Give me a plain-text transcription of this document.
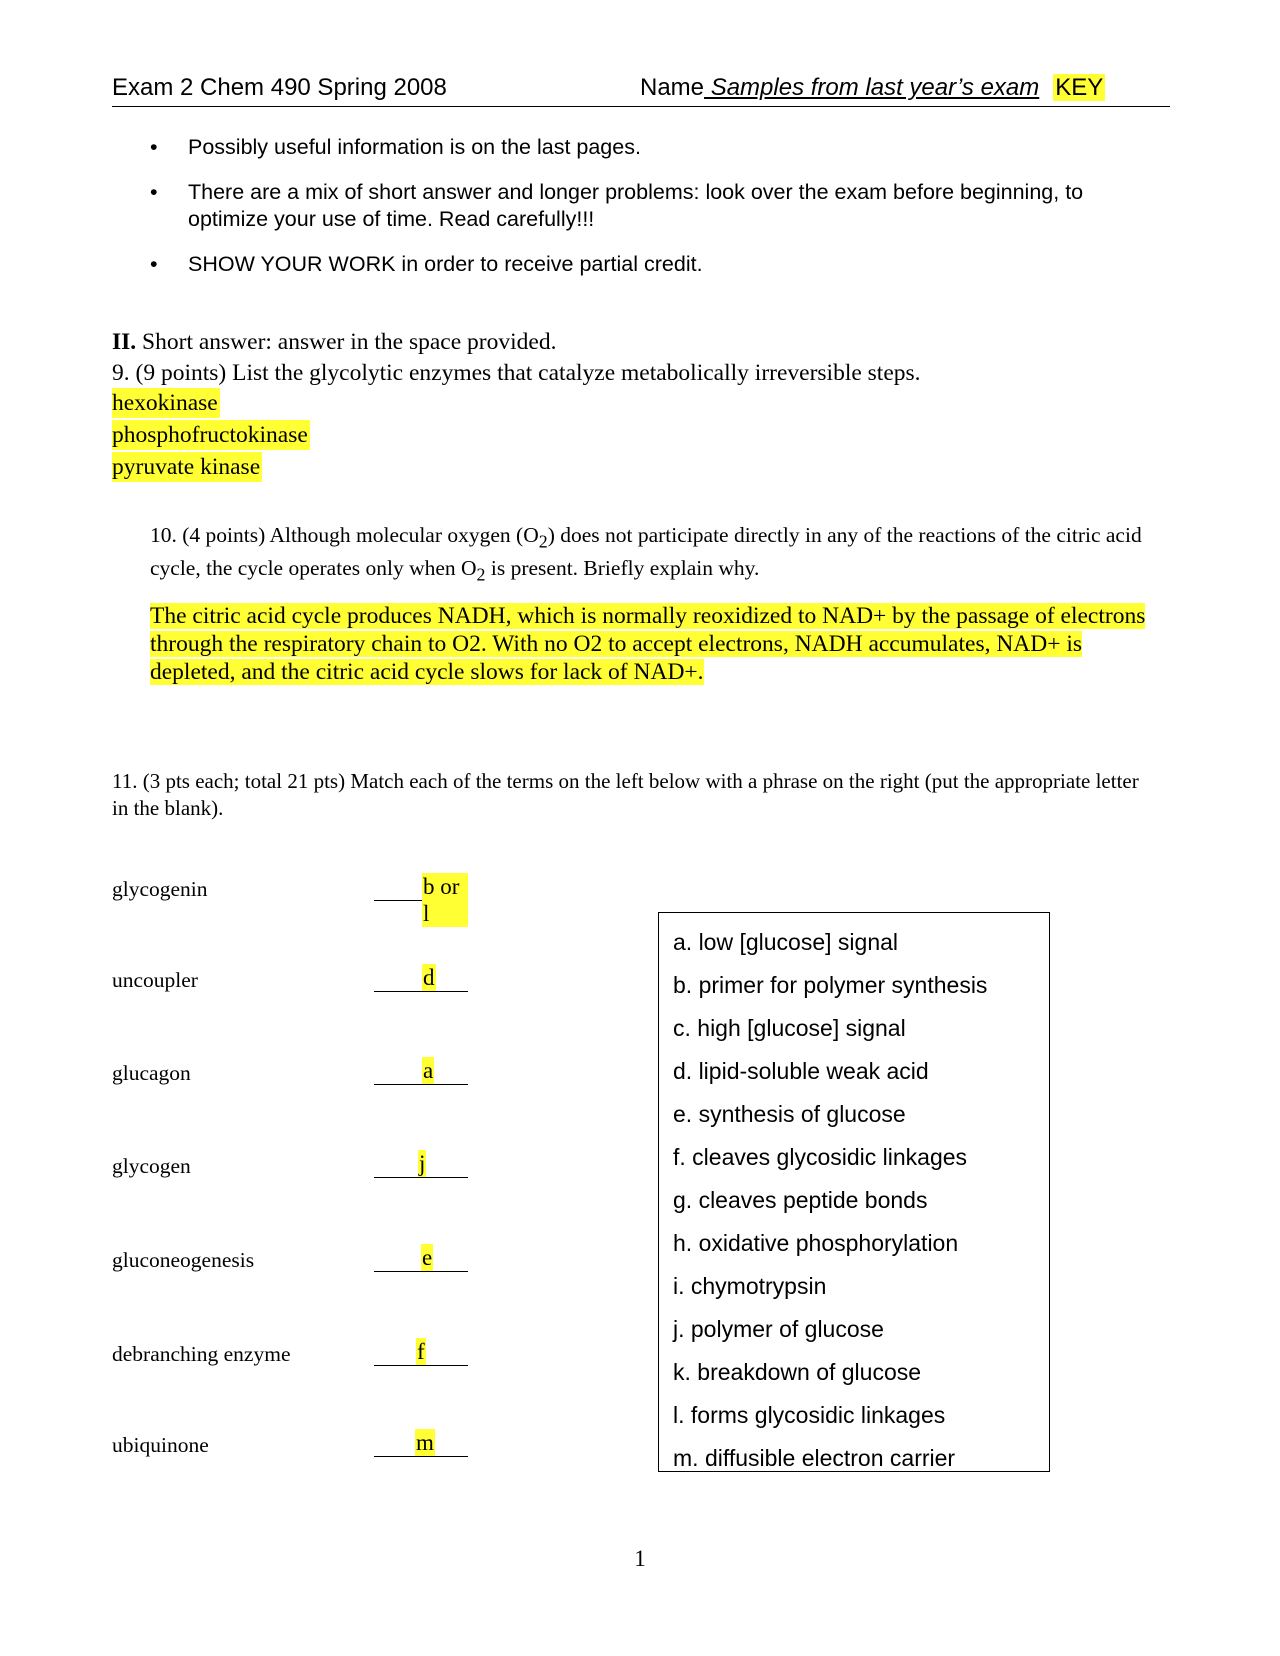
Exam 2 Chem 490 Spring 2008	Name Samples from last year’s exam KEY
• Possibly useful information is on the last pages.
• There are a mix of short answer and longer problems: look over the exam before beginning, to optimize your use of time. Read carefully!!!
• SHOW YOUR WORK in order to receive partial credit.
II. Short answer: answer in the space provided.
9. (9 points) List the glycolytic enzymes that catalyze metabolically irreversible steps.
hexokinase
phosphofructokinase
pyruvate kinase
10. (4 points) Although molecular oxygen $(O_2)$ does not participate directly in any of the reactions of the citric acid cycle, the cycle operates only when $O_2$ is present. Briefly explain why.
The citric acid cycle produces NADH, which is normally reoxidized to NAD+ by the passage of electrons through the respiratory chain to O2. With no O2 to accept electrons, NADH accumulates, NAD+ is depleted, and the citric acid cycle slows for lack of NAD+.
11. (3 pts each; total 21 pts) Match each of the terms on the left below with a phrase on the right (put the appropriate letter in the blank).
glycogenin	b or l
uncoupler	d
glucagon	a
glycogen	j
gluconeogenesis	e
debranching enzyme	f
ubiquinone	m
a. low [glucose] signal
b. primer for polymer synthesis
c. high [glucose] signal
d. lipid-soluble weak acid
e. synthesis of glucose
f. cleaves glycosidic linkages
g. cleaves peptide bonds
h. oxidative phosphorylation
i. chymotrypsin
j. polymer of glucose
k. breakdown of glucose
l. forms glycosidic linkages
m. diffusible electron carrier
1
